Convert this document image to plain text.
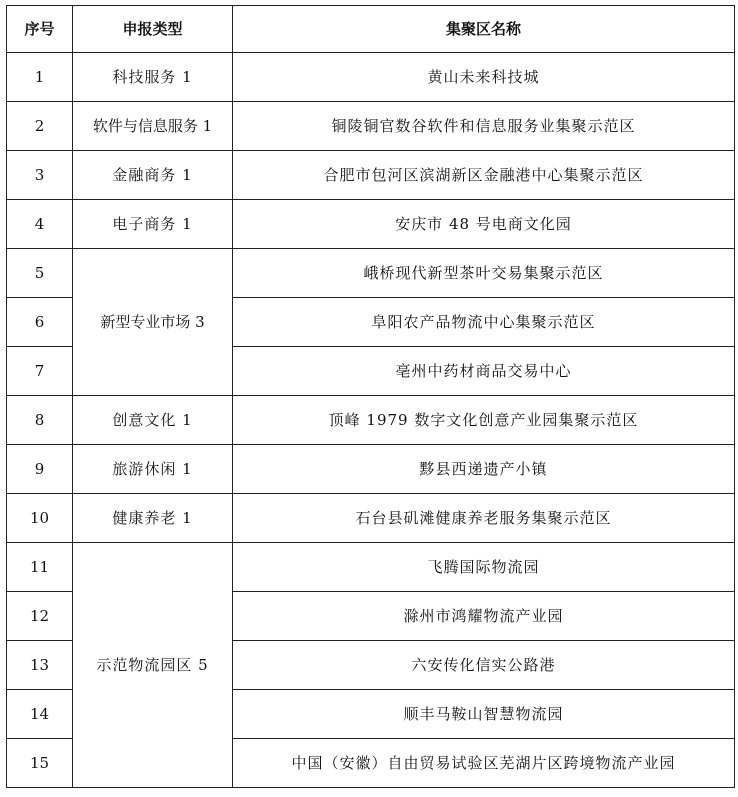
序号	申报类型	集聚区名称
1	科技服务 1	黄山未来科技城
2	软件与信息服务 1	铜陵铜官数谷软件和信息服务业集聚示范区
3	金融商务 1	合肥市包河区滨湖新区金融港中心集聚示范区
4	电子商务 1	安庆市 48 号电商文化园
5	新型专业市场 3	峨桥现代新型茶叶交易集聚示范区
6		阜阳农产品物流中心集聚示范区
7		亳州中药材商品交易中心
8	创意文化 1	顶峰 1979 数字文化创意产业园集聚示范区
9	旅游休闲 1	黟县西递遗产小镇
10	健康养老 1	石台县矶滩健康养老服务集聚示范区
11	示范物流园区 5	飞腾国际物流园
12		滁州市鸿耀物流产业园
13		六安传化信实公路港
14		顺丰马鞍山智慧物流园
15		中国（安徽）自由贸易试验区芜湖片区跨境物流产业园
